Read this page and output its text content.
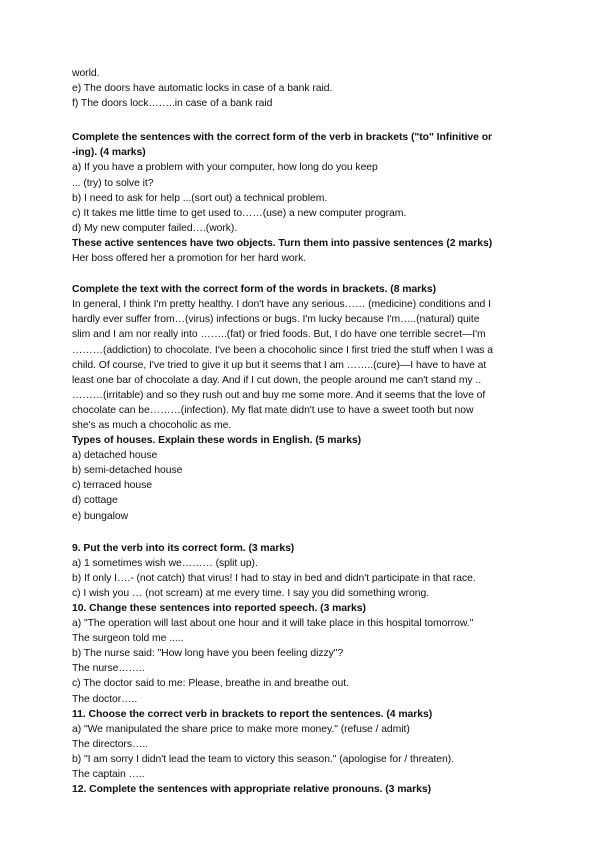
world.
e) The doors have automatic locks in case of a bank raid.
f) The doors lock……..in case of a bank raid
Complete the sentences with the correct form of the verb in brackets ("to" Infinitive or
-ing). (4 marks)
a) If you have a problem with your computer, how long do you keep
... (try) to solve it?
b) I need to ask for help ...(sort out) a technical problem.
c) It takes me little time to get used to……(use) a new computer program.
d) My new computer failed….(work).
These active sentences have two objects. Turn them into passive sentences (2 marks)
Her boss offered her a promotion for her hard work.
Complete the text with the correct form of the words in brackets. (8 marks)
In general, I think I'm pretty healthy. I don't have any serious…… (medicine) conditions and I
hardly ever suffer from…(virus) infections or bugs. I'm lucky because I'm…..(natural) quite
slim and I am nor really into ……..(fat) or fried foods. But, I do have one terrible secret—I'm
………(addiction) to chocolate. I've been a chocoholic since I first tried the stuff when I was a
child. Of course, I've tried to give it up but it seems that I am ……..(cure)—I have to have at
least one bar of chocolate a day. And if I cut down, the people around me can't stand my ..
………(irritable) and so they rush out and buy me some more. And it seems that the love of
chocolate can be………(infection). My flat mate didn't use to have a sweet tooth but now
she's as much a chocoholic as me.
Types of houses. Explain these words in English. (5 marks)
a) detached house
b) semi-detached house
c) terraced house
d) cottage
e) bungalow
9. Put the verb into its correct form. (3 marks)
a) 1 sometimes wish we……… (split up).
b) If only I….- (not catch) that virus! I had to stay in bed and didn't participate in that race.
c) I wish you … (not scream) at me every time. I say you did something wrong.
10. Change these sentences into reported speech. (3 marks)
a) "The operation will last about one hour and it will take place in this hospital tomorrow."
The surgeon told me .....
b) The nurse said: "How long have you been feeling dizzy"?
The nurse……..
c) The doctor said to me: Please, breathe in and breathe out.
The doctor…..
11. Choose the correct verb in brackets to report the sentences. (4 marks)
a) "We manipulated the share price to make more money." (refuse / admit)
The directors…..
b) "I am sorry I didn't lead the team to victory this season." (apologise for / threaten).
The captain …..
12. Complete the sentences with appropriate relative pronouns. (3 marks)
